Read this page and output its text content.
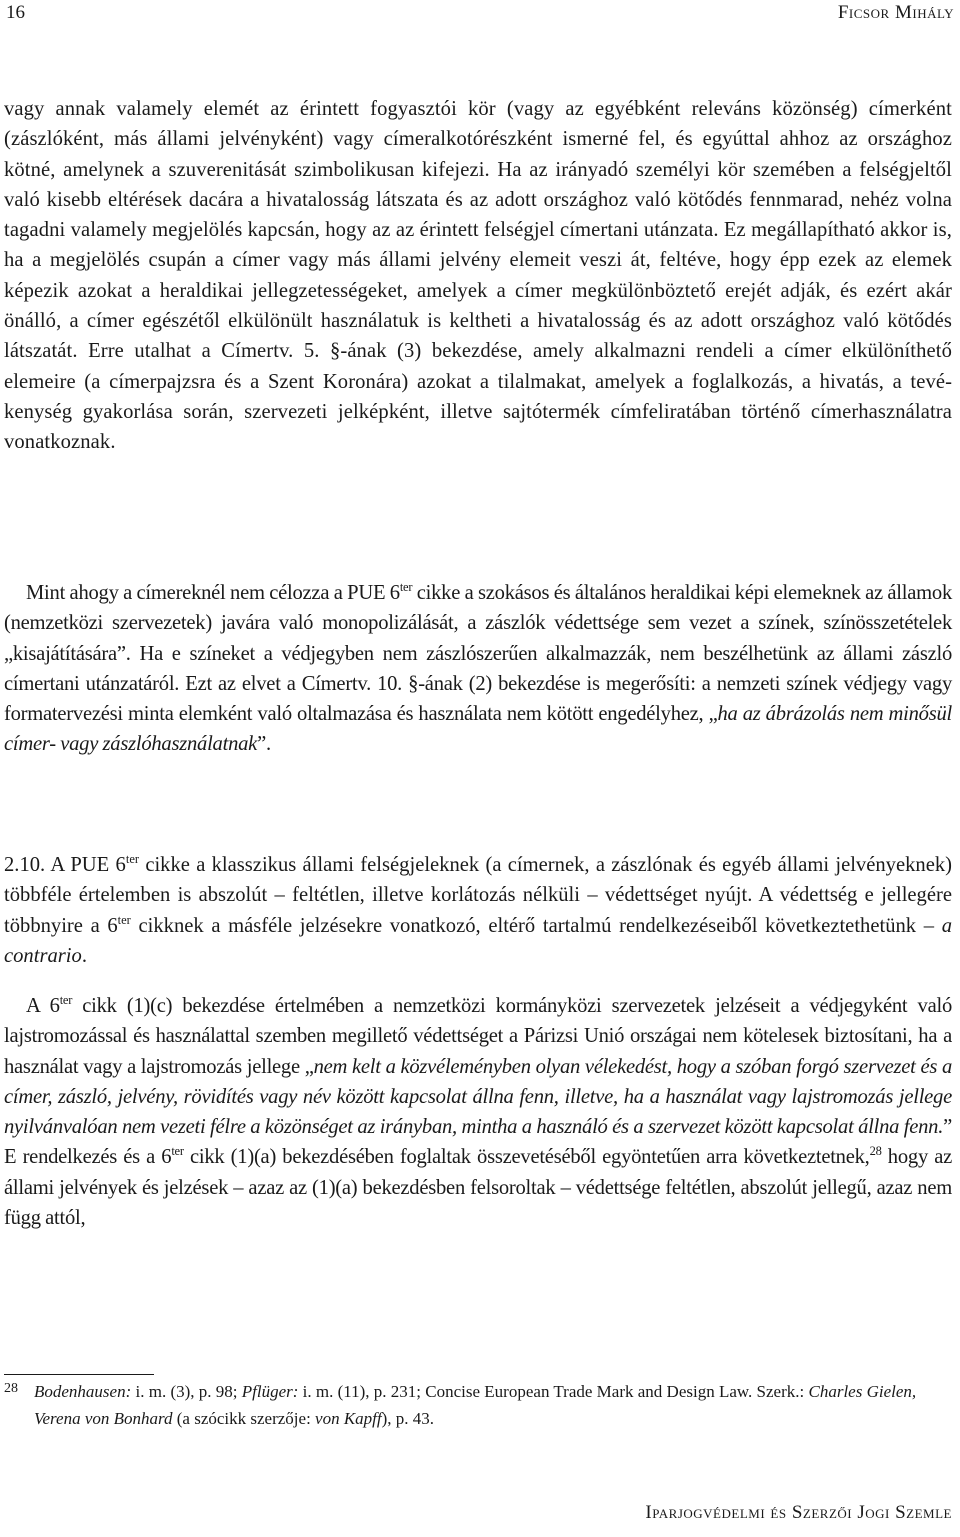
16	Ficsor Mihály

vagy annak valamely elemét az érintett fogyasztói kör (vagy az egyébként releváns közönség) címerként (zászlóként, más állami jelvényként) vagy címeralkotórészként ismerné fel, és egyúttal ahhoz az országhoz kötné, amelynek a szuverenitását szimbolikusan kifejezi. Ha az irányadó személyi kör szemében a felségjeltől való kisebb eltérések dacára a hivatalosság látszata és az adott országhoz való kötődés fennmarad, nehéz volna tagadni valamely megjelölés kapcsán, hogy az az érintett felségjel címertani utánzata. Ez megállapítható akkor is, ha a megjelölés csupán a címer vagy más állami jelvény elemeit veszi át, feltéve, hogy épp ezek az elemek képezik azokat a heraldikai jellegzetességeket, amelyek a címer megkülönböztető erejét adják, és ezért akár önálló, a címer egészétől elkülönült használatuk is keltheti a hivatalosság és az adott országhoz való kötődés látszatát. Erre utalhat a Címertv. 5. §-ának (3) bekezdése, amely alkalmazni rendeli a címer elkülöníthető elemeire (a címerpajzsra és a Szent Koronára) azokat a tilalmakat, amelyek a foglalkozás, a hivatás, a tevékenység gyakorlása során, szervezeti jelképként, illetve sajtótermék címfeliratában történő címerhasználatra vonatkoznak.

Mint ahogy a címereknél nem célozza a PUE $6^{ter}$ cikke a szokásos és általános heraldikai képi elemeknek az államok (nemzetközi szervezetek) javára való monopolizálását, a zászlók védettsége sem vezet a színek, színösszetételek „kisajátítására”. Ha e színeket a védjegyben nem zászlószerűen alkalmazzák, nem beszélhetünk az állami zászló címertani utánzatáról. Ezt az elvet a Címertv. 10. §-ának (2) bekezdése is megerősíti: a nemzeti színek védjegy vagy formatervezési minta elemként való oltalmazása és használata nem kötött engedélyhez, „ha az ábrázolás nem minősül címer- vagy zászlóhasználatnak”.

2.10. A PUE $6^{ter}$ cikke a klasszikus állami felségjeleknek (a címernek, a zászlónak és egyéb állami jelvényeknek) többféle értelemben is abszolút – feltétlen, illetve korlátozás nélküli – védettséget nyújt. A védettség e jellegére többnyire a $6^{ter}$ cikknek a másféle jelzésekre vonatkozó, eltérő tartalmú rendelkezéseiből következtethetünk – a contrario.

A $6^{ter}$ cikk (1)(c) bekezdése értelmében a nemzetközi kormányközi szervezetek jelzéseit a védjegyként való lajstromozással és használattal szemben megillető védettséget a Párizsi Unió országai nem kötelesek biztosítani, ha a használat vagy a lajstromozás jellege „nem kelt a közvéleményben olyan vélekedést, hogy a szóban forgó szervezet és a címer, zászló, jelvény, rövidítés vagy név között kapcsolat állna fenn, illetve, ha a használat vagy lajstromozás jellege nyilvánvalóan nem vezeti félre a közönséget az irányban, mintha a használó és a szervezet között kapcsolat állna fenn.” E rendelkezés és a $6^{ter}$ cikk (1)(a) bekezdésében foglaltak összevetéséből egyöntetűen arra következtetnek,$^{28}$ hogy az állami jelvények és jelzések – azaz az (1)(a) bekezdésben felsoroltak – védettsége feltétlen, abszolút jellegű, azaz nem függ attól,

28 Bodenhausen: i. m. (3), p. 98; Pflüger: i. m. (11), p. 231; Concise European Trade Mark and Design Law. Szerk.: Charles Gielen, Verena von Bonhard (a szócikk szerzője: von Kapff), p. 43.
Iparjogvédelmi és Szerzői Jogi Szemle
